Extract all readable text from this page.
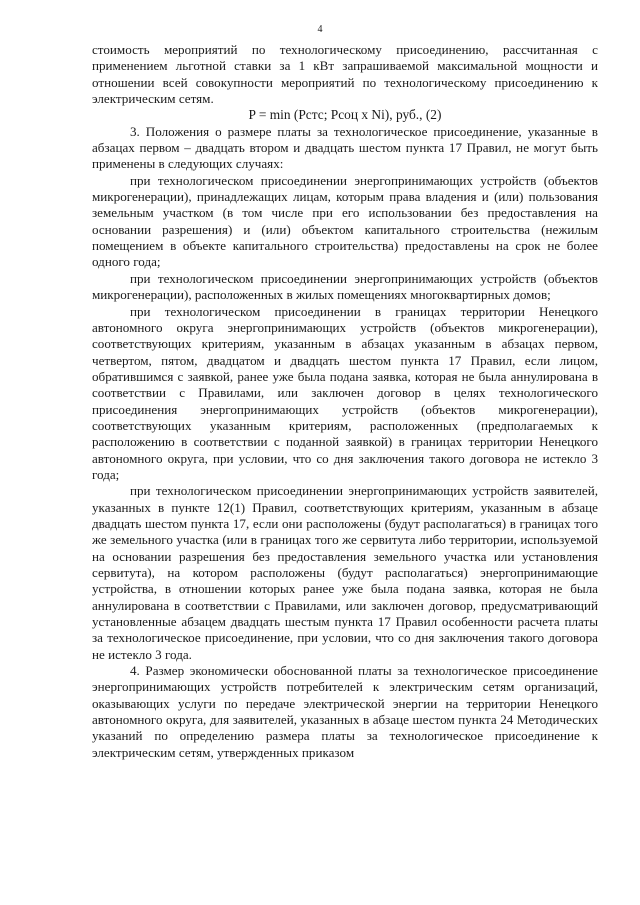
4

стоимость мероприятий по технологическому присоединению, рассчитанная с применением льготной ставки за 1 кВт запрашиваемой максимальной мощности и отношении всей совокупности мероприятий по технологическому присоединению к электрическим сетям.

P = min (Pстс; Pсоц x Ni), руб., (2)

3. Положения о размере платы за технологическое присоединение, указанные в абзацах первом – двадцать втором и двадцать шестом пункта 17 Правил, не могут быть применены в следующих случаях:

при технологическом присоединении энергопринимающих устройств (объектов микрогенерации), принадлежащих лицам, которым права владения и (или) пользования земельным участком (в том числе при его использовании без предоставления на основании разрешения) и (или) объектом капитального строительства (нежилым помещением в объекте капитального строительства) предоставлены на срок не более одного года;

при технологическом присоединении энергопринимающих устройств (объектов микрогенерации), расположенных в жилых помещениях многоквартирных домов;

при технологическом присоединении в границах территории Ненецкого автономного округа энергопринимающих устройств (объектов микрогенерации), соответствующих критериям, указанным в абзацах указанным в абзацах первом, четвертом, пятом, двадцатом и двадцать шестом пункта 17 Правил, если лицом, обратившимся с заявкой, ранее уже была подана заявка, которая не была аннулирована в соответствии с Правилами, или заключен договор в целях технологического присоединения энергопринимающих устройств (объектов микрогенерации), соответствующих указанным критериям, расположенных (предполагаемых к расположению в соответствии с поданной заявкой) в границах территории Ненецкого автономного округа, при условии, что со дня заключения такого договора не истекло 3 года;

при технологическом присоединении энергопринимающих устройств заявителей, указанных в пункте 12(1) Правил, соответствующих критериям, указанным в абзаце двадцать шестом пункта 17, если они расположены (будут располагаться) в границах того же земельного участка (или в границах того же сервитута либо территории, используемой на основании разрешения без предоставления земельного участка или установления сервитута), на котором расположены (будут располагаться) энергопринимающие устройства, в отношении которых ранее уже была подана заявка, которая не была аннулирована в соответствии с Правилами, или заключен договор, предусматривающий установленные абзацем двадцать шестым пункта 17 Правил особенности расчета платы за технологическое присоединение, при условии, что со дня заключения такого договора не истекло 3 года.

4. Размер экономически обоснованной платы за технологическое присоединение энергопринимающих устройств потребителей к электрическим сетям организаций, оказывающих услуги по передаче электрической энергии на территории Ненецкого автономного округа, для заявителей, указанных в абзаце шестом пункта 24 Методических указаний по определению размера платы за технологическое присоединение к электрическим сетям, утвержденных приказом
